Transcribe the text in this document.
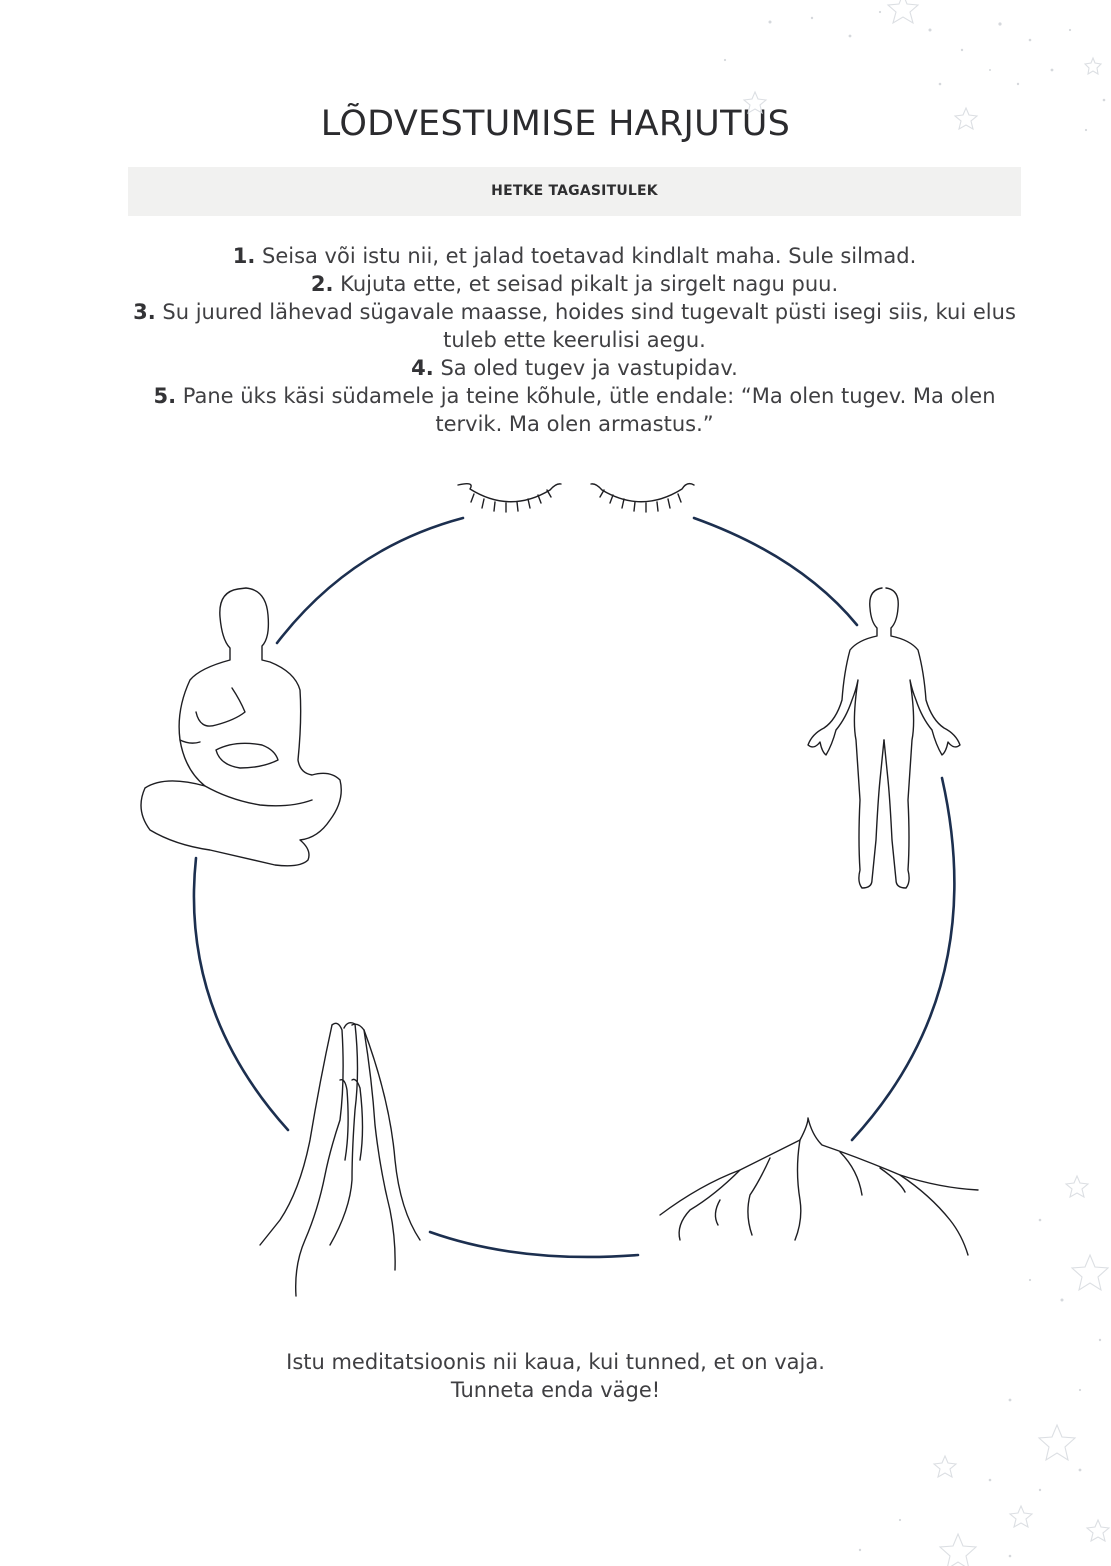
LÕDVESTUMISE HARJUTUS
HETKE TAGASITULEK

1. Seisa või istu nii, et jalad toetavad kindlalt maha. Sule silmad.

2. Kujuta ette, et seisad pikalt ja sirgelt nagu puu.

3. Su juured lähevad sügavale maasse, hoides sind tugevalt püsti isegi siis, kui elus tuleb ette keerulisi aegu.

4. Sa oled tugev ja vastupidav.

5. Pane üks käsi südamele ja teine kõhule, ütle endale: “Ma olen tugev. Ma olen tervik. Ma olen armastus.”

Istu meditatsioonis nii kaua, kui tunned, et on vaja.

Tunneta enda väge!
